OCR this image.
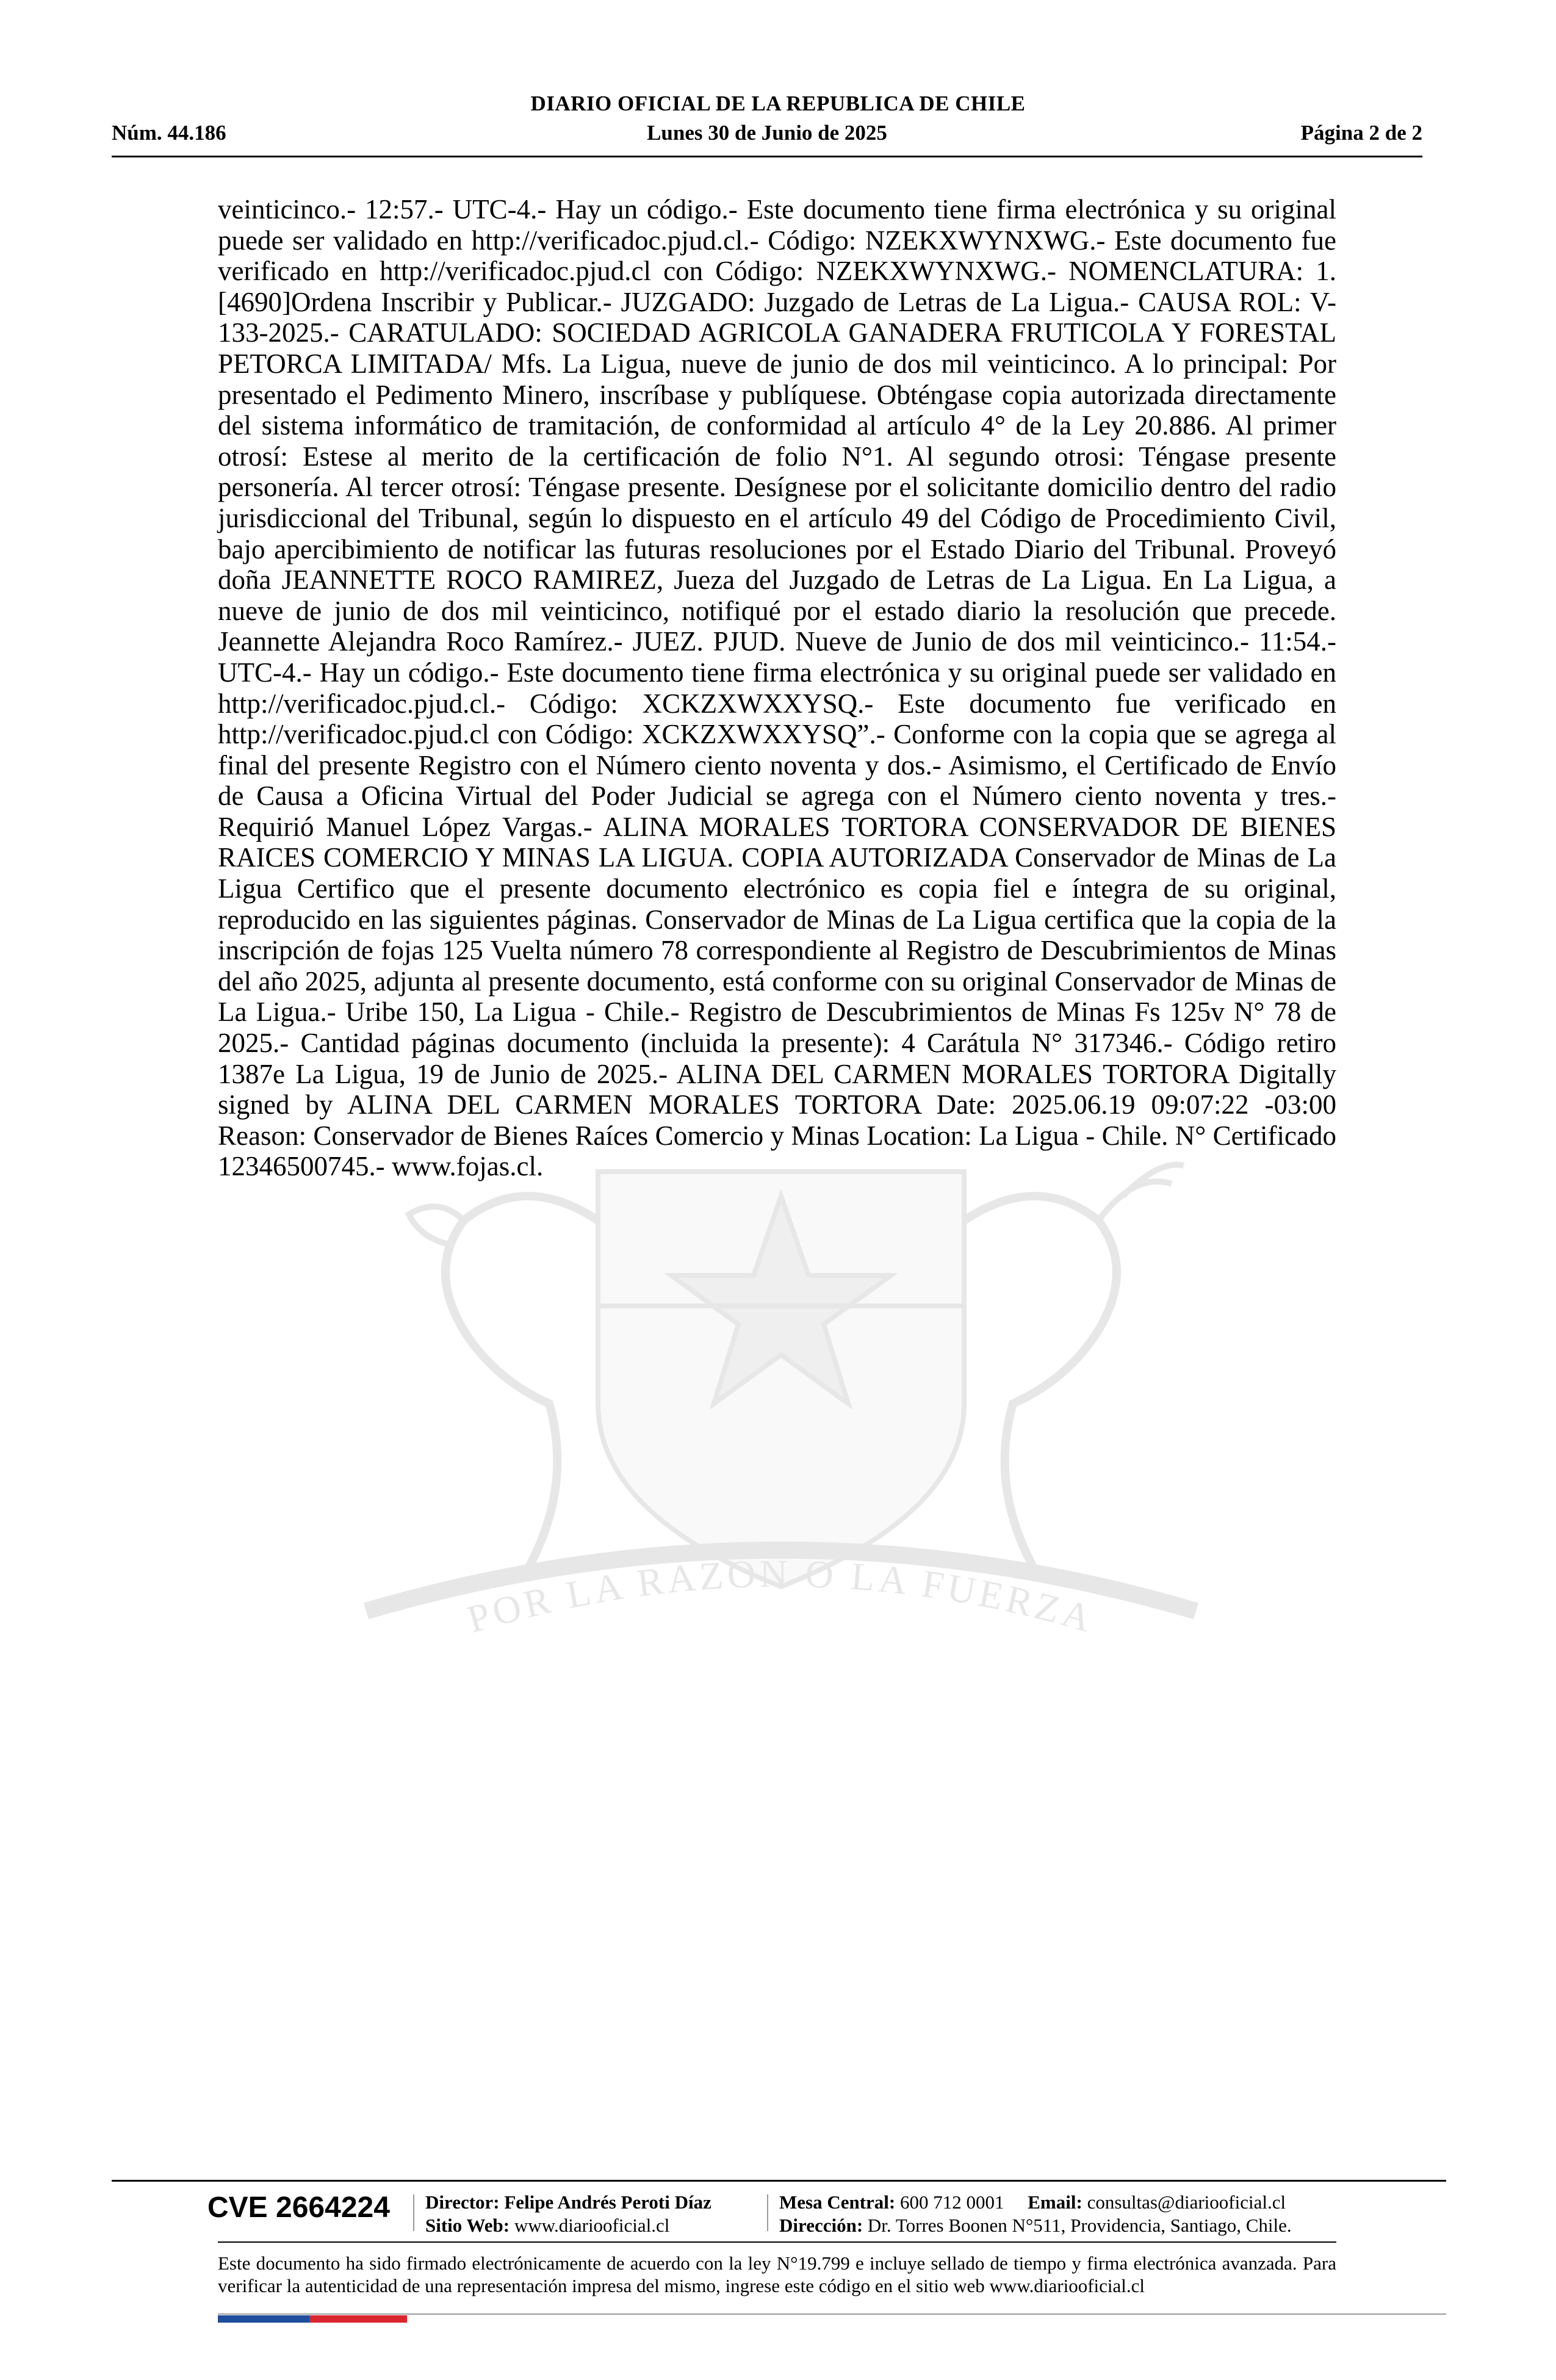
DIARIO OFICIAL DE LA REPUBLICA DE CHILE
Núm. 44.186	Lunes 30 de Junio de 2025	Página 2 de 2
POR LA RAZON O LA FUERZA
veinticinco.- 12:57.- UTC-4.- Hay un código.- Este documento tiene firma electrónica y su original puede ser validado en http://verificadoc.pjud.cl.- Código: NZEKXWYNXWG.- Este documento fue verificado en http://verificadoc.pjud.cl con Código: NZEKXWYNXWG.- NOMENCLATURA: 1. [4690]Ordena Inscribir y Publicar.- JUZGADO: Juzgado de Letras de La Ligua.- CAUSA ROL: V-133-2025.- CARATULADO: SOCIEDAD AGRICOLA GANADERA FRUTICOLA Y FORESTAL PETORCA LIMITADA/ Mfs. La Ligua, nueve de junio de dos mil veinticinco. A lo principal: Por presentado el Pedimento Minero, inscríbase y publíquese. Obténgase copia autorizada directamente del sistema informático de tramitación, de conformidad al artículo 4° de la Ley 20.886. Al primer otrosí: Estese al merito de la certificación de folio N°1. Al segundo otrosi: Téngase presente personería. Al tercer otrosí: Téngase presente. Desígnese por el solicitante domicilio dentro del radio jurisdiccional del Tribunal, según lo dispuesto en el artículo 49 del Código de Procedimiento Civil, bajo apercibimiento de notificar las futuras resoluciones por el Estado Diario del Tribunal. Proveyó doña JEANNETTE ROCO RAMIREZ, Jueza del Juzgado de Letras de La Ligua. En La Ligua, a nueve de junio de dos mil veinticinco, notifiqué por el estado diario la resolución que precede. Jeannette Alejandra Roco Ramírez.- JUEZ. PJUD. Nueve de Junio de dos mil veinticinco.- 11:54.- UTC-4.- Hay un código.- Este documento tiene firma electrónica y su original puede ser validado en http://verificadoc.pjud.cl.- Código: XCKZXWXXYSQ.- Este documento fue verificado en http://verificadoc.pjud.cl con Código: XCKZXWXXYSQ”.- Conforme con la copia que se agrega al final del presente Registro con el Número ciento noventa y dos.- Asimismo, el Certificado de Envío de Causa a Oficina Virtual del Poder Judicial se agrega con el Número ciento noventa y tres.- Requirió Manuel López Vargas.- ALINA MORALES TORTORA CONSERVADOR DE BIENES RAICES COMERCIO Y MINAS LA LIGUA. COPIA AUTORIZADA Conservador de Minas de La Ligua Certifico que el presente documento electrónico es copia fiel e íntegra de su original, reproducido en las siguientes páginas. Conservador de Minas de La Ligua certifica que la copia de la inscripción de fojas 125 Vuelta número 78 correspondiente al Registro de Descubrimientos de Minas del año 2025, adjunta al presente documento, está conforme con su original Conservador de Minas de La Ligua.- Uribe 150, La Ligua - Chile.- Registro de Descubrimientos de Minas Fs 125v N° 78 de 2025.- Cantidad páginas documento (incluida la presente): 4 Carátula N° 317346.- Código retiro 1387e La Ligua, 19 de Junio de 2025.- ALINA DEL CARMEN MORALES TORTORA Digitally signed by ALINA DEL CARMEN MORALES TORTORA Date: 2025.06.19 09:07:22 -03:00 Reason: Conservador de Bienes Raíces Comercio y Minas Location: La Ligua - Chile. N° Certificado 12346500745.- www.fojas.cl.
CVE 2664224 Director: Felipe Andrés Peroti Díaz
Sitio Web: www.diariooficial.cl
Mesa Central: 600 712 0001 Email: consultas@diariooficial.cl
Dirección: Dr. Torres Boonen N°511, Providencia, Santiago, Chile.
Este documento ha sido firmado electrónicamente de acuerdo con la ley N°19.799 e incluye sellado de tiempo y firma electrónica avanzada. Para verificar la autenticidad de una representación impresa del mismo, ingrese este código en el sitio web www.diariooficial.cl
